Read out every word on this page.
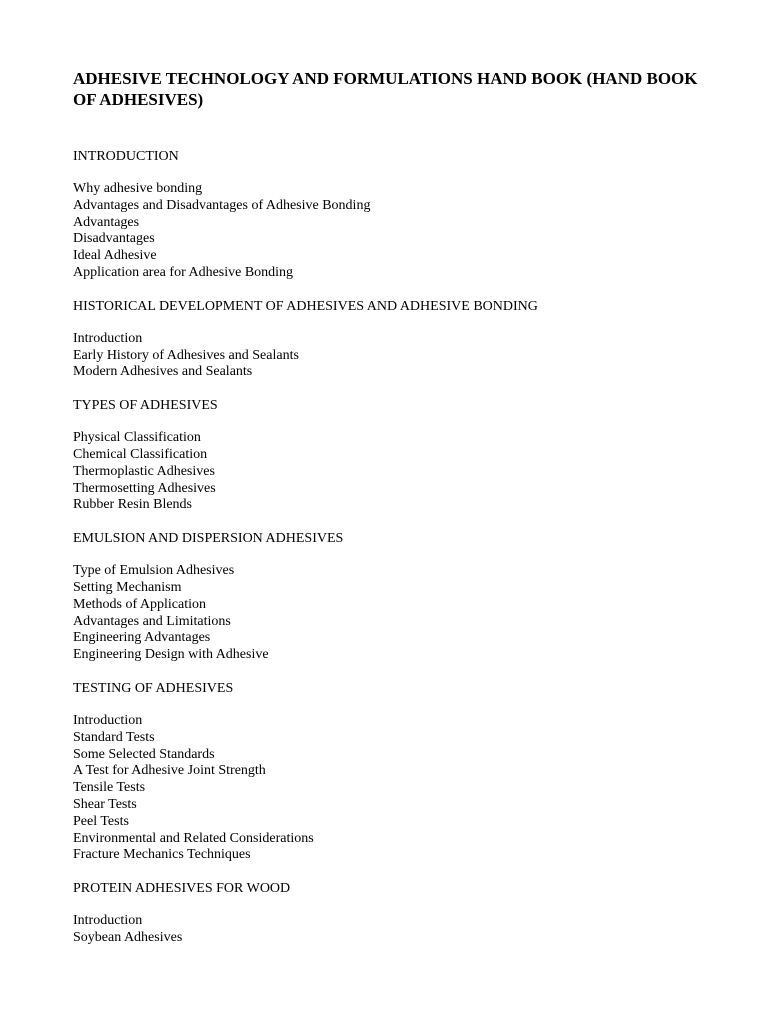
ADHESIVE TECHNOLOGY AND FORMULATIONS HAND BOOK (HAND BOOK OF ADHESIVES)

INTRODUCTION

Why adhesive bonding
Advantages and Disadvantages of Adhesive Bonding
Advantages
Disadvantages
Ideal Adhesive
Application area for Adhesive Bonding

HISTORICAL DEVELOPMENT OF ADHESIVES AND ADHESIVE BONDING

Introduction
Early History of Adhesives and Sealants
Modern Adhesives and Sealants

TYPES OF ADHESIVES

Physical Classification
Chemical Classification
Thermoplastic Adhesives
Thermosetting Adhesives
Rubber Resin Blends

EMULSION AND DISPERSION ADHESIVES

Type of Emulsion Adhesives
Setting Mechanism
Methods of Application
Advantages and Limitations
Engineering Advantages
Engineering Design with Adhesive

TESTING OF ADHESIVES

Introduction
Standard Tests
Some Selected Standards
A Test for Adhesive Joint Strength
Tensile Tests
Shear Tests
Peel Tests
Environmental and Related Considerations
Fracture Mechanics Techniques

PROTEIN ADHESIVES FOR WOOD

Introduction
Soybean Adhesives
